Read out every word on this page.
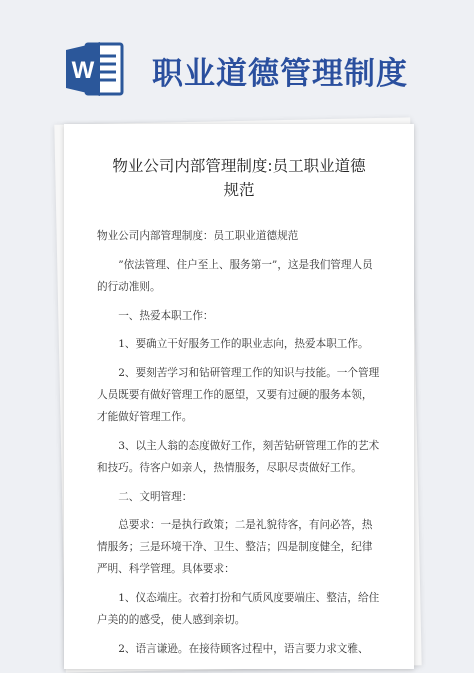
W 职业道德管理制度
物业公司内部管理制度:员工职业道德
规范

物业公司内部管理制度：员工职业道德规范

”依法管理、住户至上、服务第一”，这是我们管理人员的行动准则。

一、热爱本职工作：

1、要确立干好服务工作的职业志向，热爱本职工作。

2、要刻苦学习和钻研管理工作的知识与技能。一个管理人员既要有做好管理工作的愿望，又要有过硬的服务本领，才能做好管理工作。

3、以主人翁的态度做好工作，刻苦钻研管理工作的艺术和技巧。待客户如亲人，热情服务，尽职尽责做好工作。

二、文明管理：

总要求：一是执行政策；二是礼貌待客，有问必答，热情服务；三是环境干净、卫生、整洁；四是制度健全，纪律严明、科学管理。具体要求：

1、仪态端庄。衣着打扮和气质风度要端庄、整洁，给住户美的的感受，使人感到亲切。

2、语言谦逊。在接待顾客过程中，语言要力求文雅、
